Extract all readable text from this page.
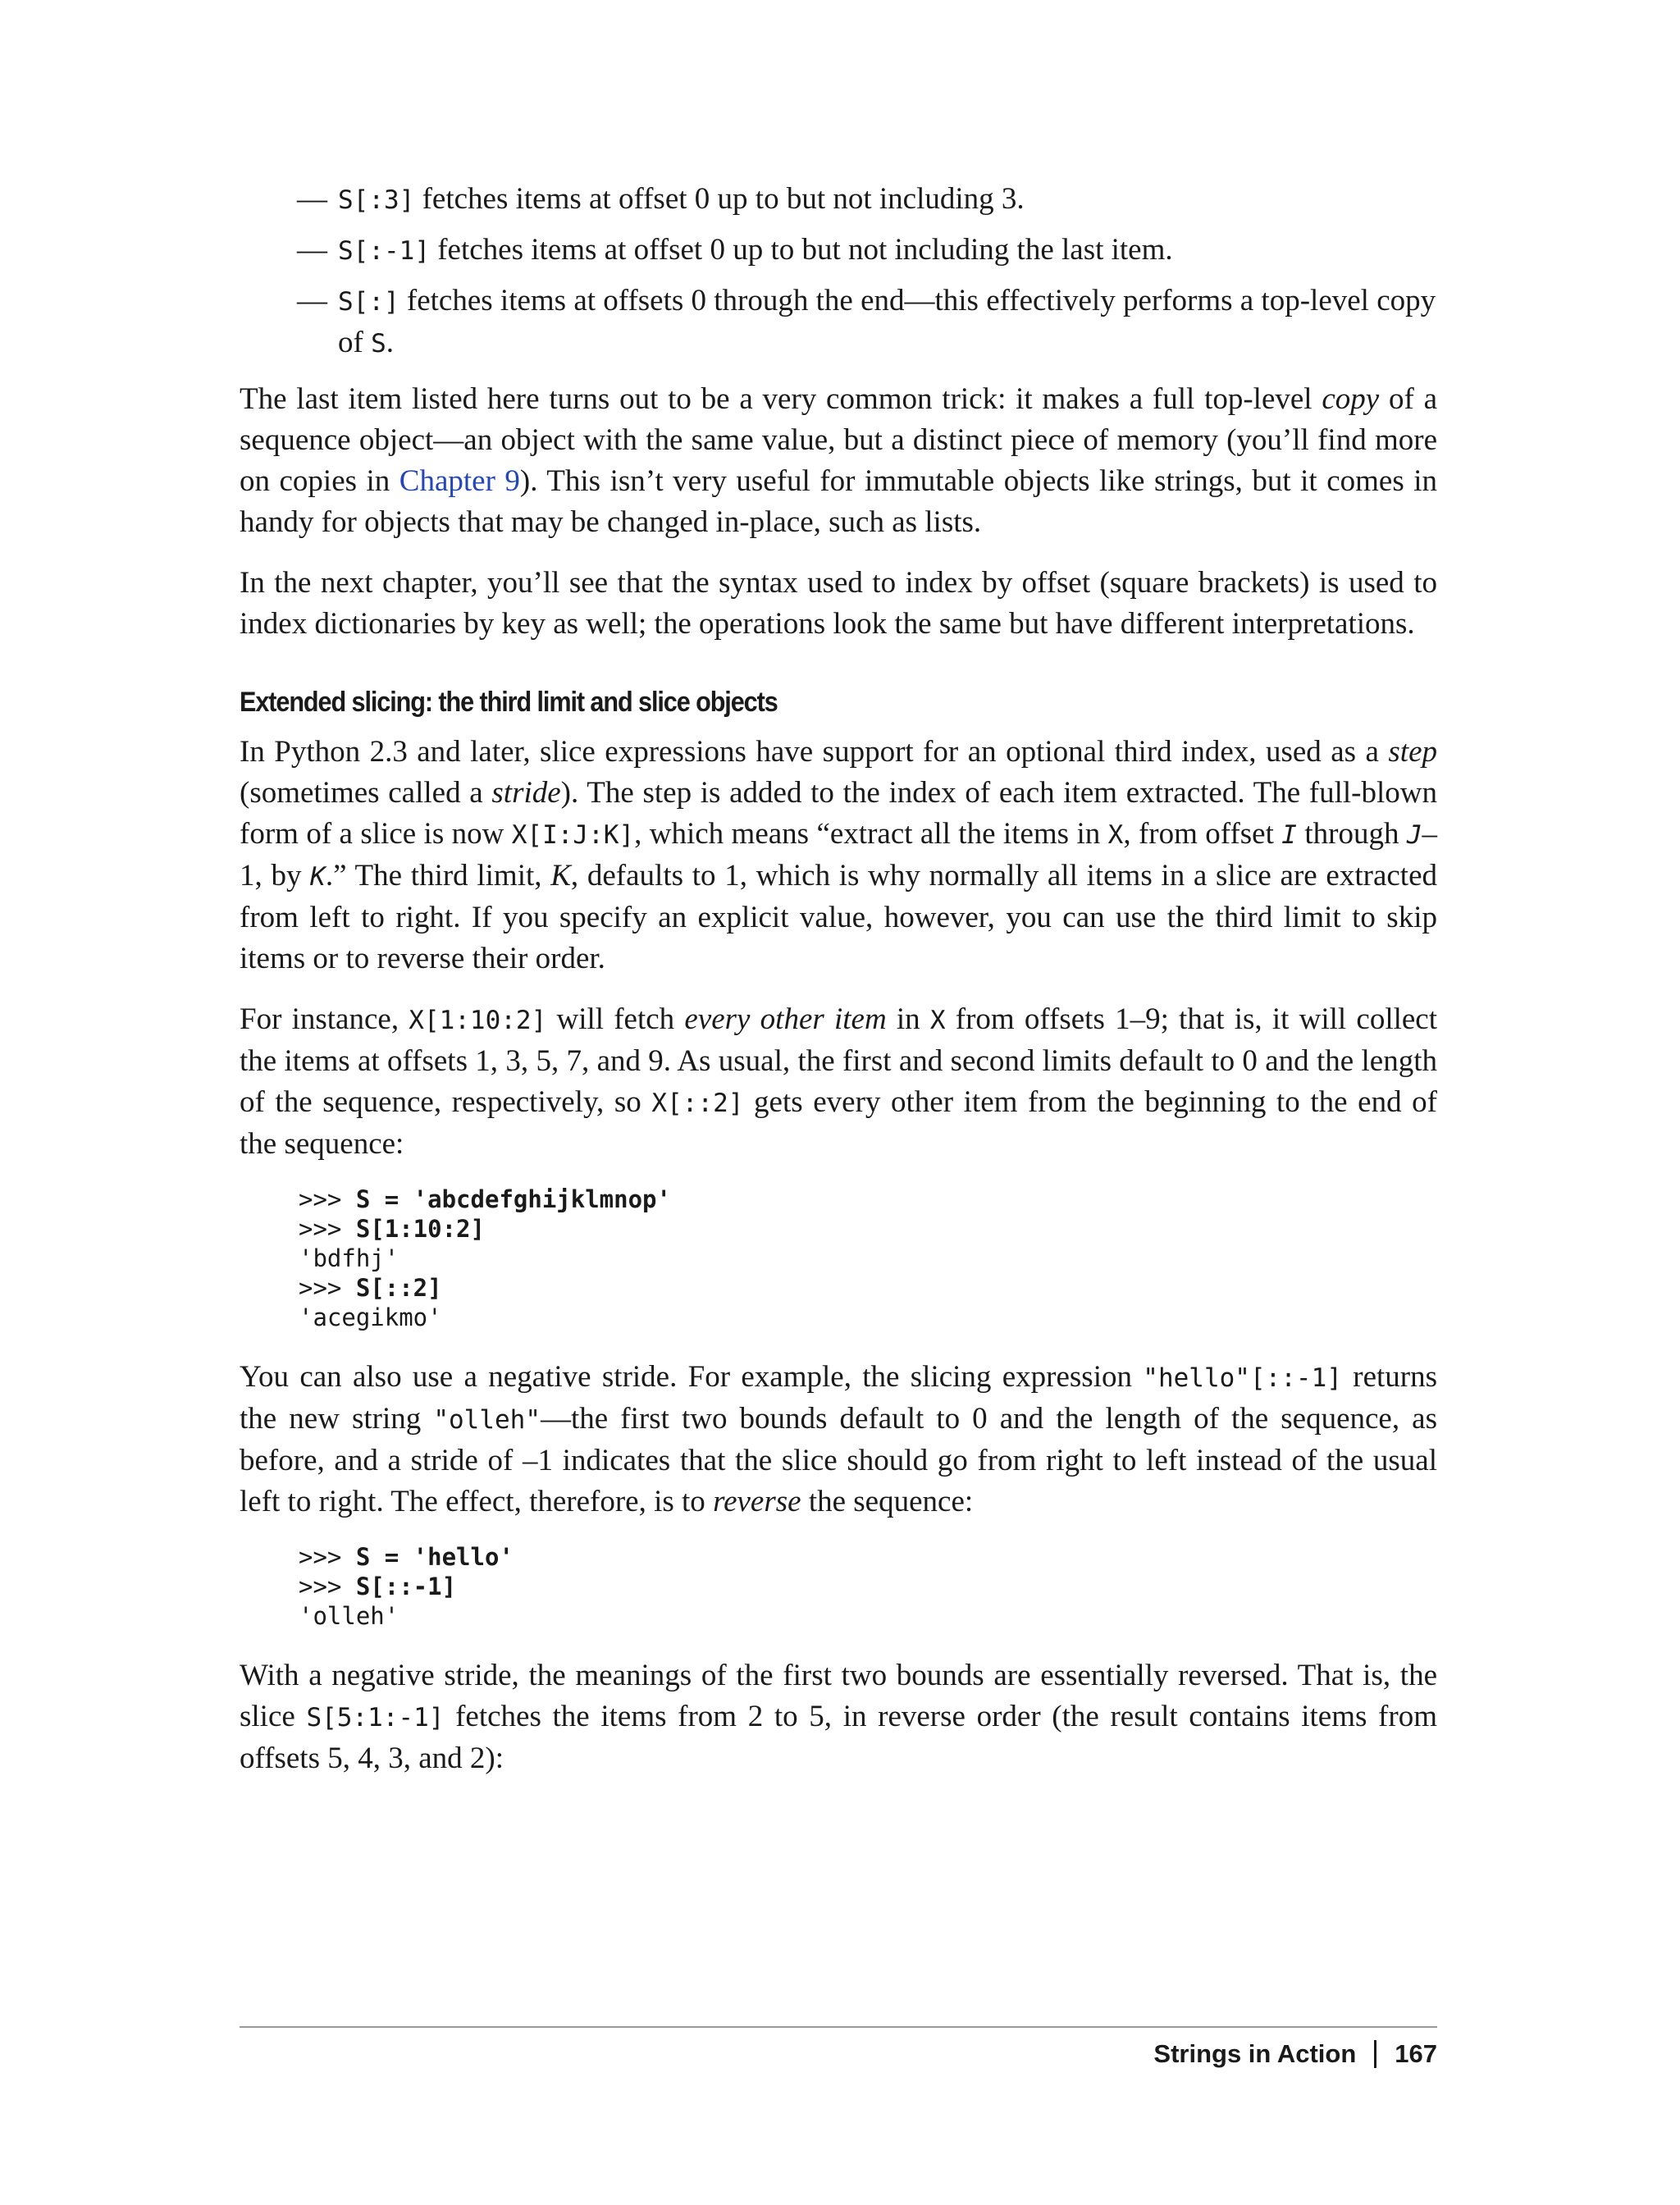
— S[:3] fetches items at offset 0 up to but not including 3.
— S[:-1] fetches items at offset 0 up to but not including the last item.
— S[:] fetches items at offsets 0 through the end—this effectively performs a top-level copy of S.

The last item listed here turns out to be a very common trick: it makes a full top-level copy of a sequence object—an object with the same value, but a distinct piece of memory (you’ll find more on copies in Chapter 9). This isn’t very useful for immutable objects like strings, but it comes in handy for objects that may be changed in-place, such as lists.

In the next chapter, you’ll see that the syntax used to index by offset (square brackets) is used to index dictionaries by key as well; the operations look the same but have different interpretations.

Extended slicing: the third limit and slice objects

In Python 2.3 and later, slice expressions have support for an optional third index, used as a step (sometimes called a stride). The step is added to the index of each item extracted. The full-blown form of a slice is now X[I:J:K], which means “extract all the items in X, from offset I through J–1, by K.” The third limit, K, defaults to 1, which is why normally all items in a slice are extracted from left to right. If you specify an explicit value, however, you can use the third limit to skip items or to reverse their order.

For instance, X[1:10:2] will fetch every other item in X from offsets 1–9; that is, it will collect the items at offsets 1, 3, 5, 7, and 9. As usual, the first and second limits default to 0 and the length of the sequence, respectively, so X[::2] gets every other item from the beginning to the end of the sequence:

>>> S = 'abcdefghijklmnop'
>>> S[1:10:2]
'bdfhj'
>>> S[::2]
'acegikmo'

You can also use a negative stride. For example, the slicing expression "hello"[::-1] returns the new string "olleh"—the first two bounds default to 0 and the length of the sequence, as before, and a stride of –1 indicates that the slice should go from right to left instead of the usual left to right. The effect, therefore, is to reverse the sequence:

>>> S = 'hello'
>>> S[::-1]
'olleh'

With a negative stride, the meanings of the first two bounds are essentially reversed. That is, the slice S[5:1:-1] fetches the items from 2 to 5, in reverse order (the result contains items from offsets 5, 4, 3, and 2):

Strings in Action 167
